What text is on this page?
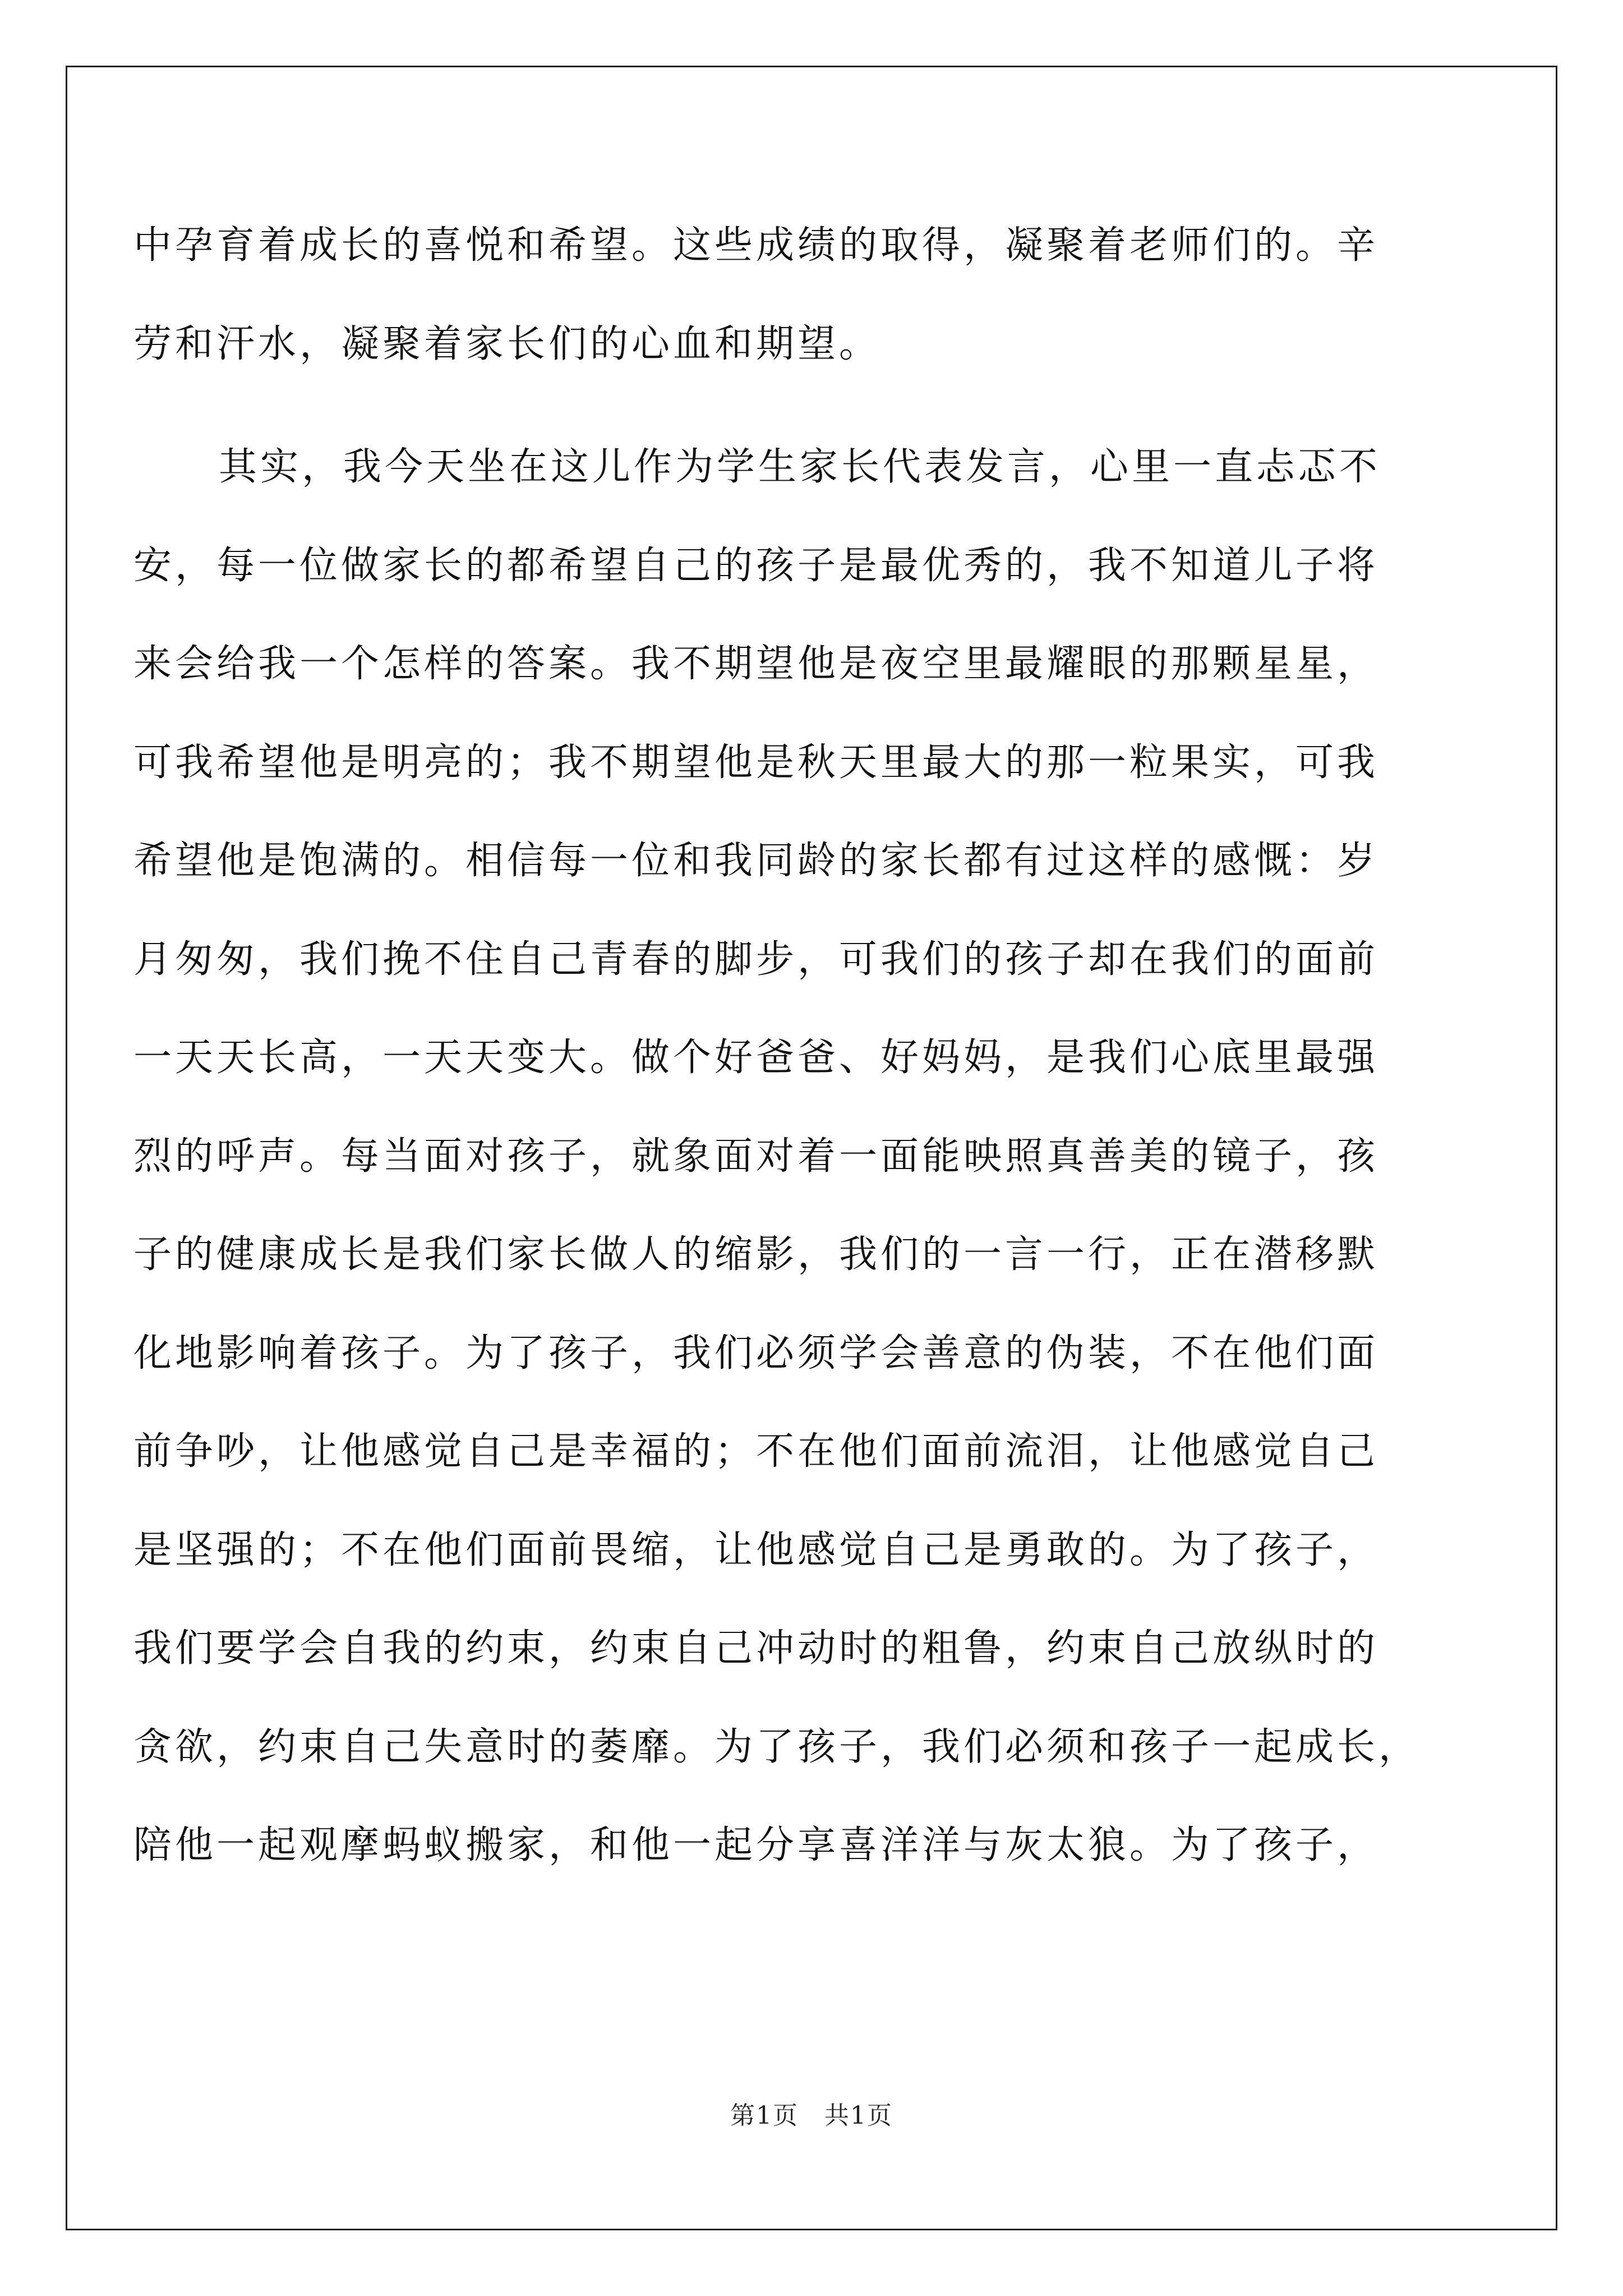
中孕育着成长的喜悦和希望。这些成绩的取得，凝聚着老师们的。辛

劳和汗水，凝聚着家长们的心血和期望。

其实，我今天坐在这儿作为学生家长代表发言，心里一直忐忑不

安，每一位做家长的都希望自己的孩子是最优秀的，我不知道儿子将

来会给我一个怎样的答案。我不期望他是夜空里最耀眼的那颗星星，

可我希望他是明亮的；我不期望他是秋天里最大的那一粒果实，可我

希望他是饱满的。相信每一位和我同龄的家长都有过这样的感慨：岁

月匆匆，我们挽不住自己青春的脚步，可我们的孩子却在我们的面前

一天天长高，一天天变大。做个好爸爸、好妈妈，是我们心底里最强

烈的呼声。每当面对孩子，就象面对着一面能映照真善美的镜子，孩

子的健康成长是我们家长做人的缩影，我们的一言一行，正在潜移默

化地影响着孩子。为了孩子，我们必须学会善意的伪装，不在他们面

前争吵，让他感觉自己是幸福的；不在他们面前流泪，让他感觉自己

是坚强的；不在他们面前畏缩，让他感觉自己是勇敢的。为了孩子，

我们要学会自我的约束，约束自己冲动时的粗鲁，约束自己放纵时的

贪欲，约束自己失意时的萎靡。为了孩子，我们必须和孩子一起成长，

陪他一起观摩蚂蚁搬家，和他一起分享喜洋洋与灰太狼。为了孩子，

第1页　共1页
